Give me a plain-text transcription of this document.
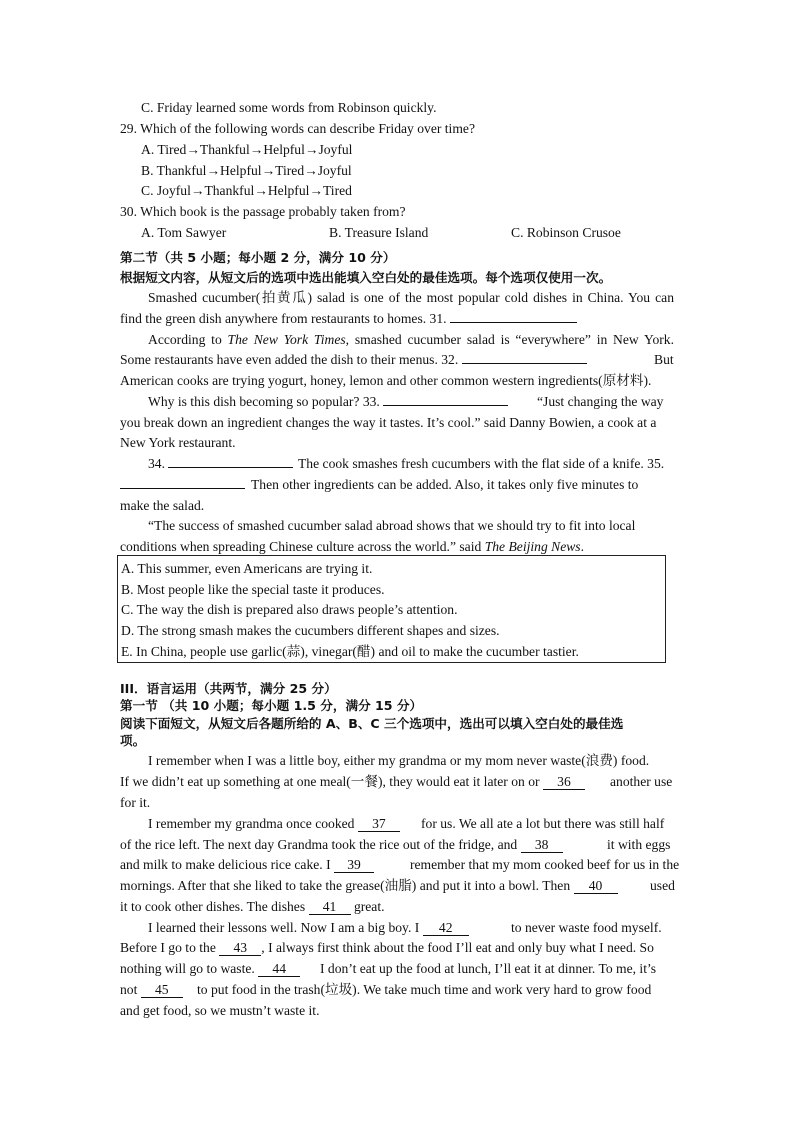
C. Friday learned some words from Robinson quickly.
29. Which of the following words can describe Friday over time?
A. Tired→Thankful→Helpful→Joyful
B. Thankful→Helpful→Tired→Joyful
C. Joyful→Thankful→Helpful→Tired
30. Which book is the passage probably taken from?
A. Tom Sawyer	B. Treasure Island	C. Robinson Crusoe
第二节（共 5 小题；每小题 2 分，满分 10 分）
根据短文内容，从短文后的选项中选出能填入空白处的最佳选项。每个选项仅使用一次。
Smashed cucumber(拍黄瓜) salad is one of the most popular cold dishes in China. You can
find the green dish anywhere from restaurants to homes. 31.
According to The New York Times, smashed cucumber salad is “everywhere” in New York.
Some restaurants have even added the dish to their menus. 32.	But
American cooks are trying yogurt, honey, lemon and other common western ingredients(原材料).
Why is this dish becoming so popular? 33.	“Just changing the way
you break down an ingredient changes the way it tastes. It’s cool.” said Danny Bowien, a cook at a
New York restaurant.
34.	The cook smashes fresh cucumbers with the flat side of a knife. 35.
Then other ingredients can be added. Also, it takes only five minutes to
make the salad.
“The success of smashed cucumber salad abroad shows that we should try to fit into local
conditions when spreading Chinese culture across the world.” said The Beijing News.
A. This summer, even Americans are trying it.
B. Most people like the special taste it produces.
C. The way the dish is prepared also draws people’s attention.
D. The strong smash makes the cucumbers different shapes and sizes.
E. In China, people use garlic(蒜), vinegar(醋) and oil to make the cucumber tastier.
III．语言运用（共两节，满分 25 分）
第一节 （共 10 小题；每小题 1.5 分，满分 15 分）
阅读下面短文，从短文后各题所给的 A、B、C 三个选项中，选出可以填入空白处的最佳选
项。
I remember when I was a little boy, either my grandma or my mom never waste(浪费) food.
If we didn’t eat up something at one meal(一餐), they would eat it later on or 36	another use
for it.
I remember my grandma once cooked 37	for us. We all ate a lot but there was still half
of the rice left. The next day Grandma took the rice out of the fridge, and 38	it with eggs
and milk to make delicious rice cake. I 39	remember that my mom cooked beef for us in the
mornings. After that she liked to take the grease(油脂) and put it into a bowl. Then 40	used
it to cook other dishes. The dishes 41 great.
I learned their lessons well. Now I am a big boy. I 42	to never waste food myself.
Before I go to the 43 , I always first think about the food I’ll eat and only buy what I need. So
nothing will go to waste. 44	I don’t eat up the food at lunch, I’ll eat it at dinner. To me, it’s
not 45	to put food in the trash(垃圾). We take much time and work very hard to grow food
and get food, so we mustn’t waste it.
